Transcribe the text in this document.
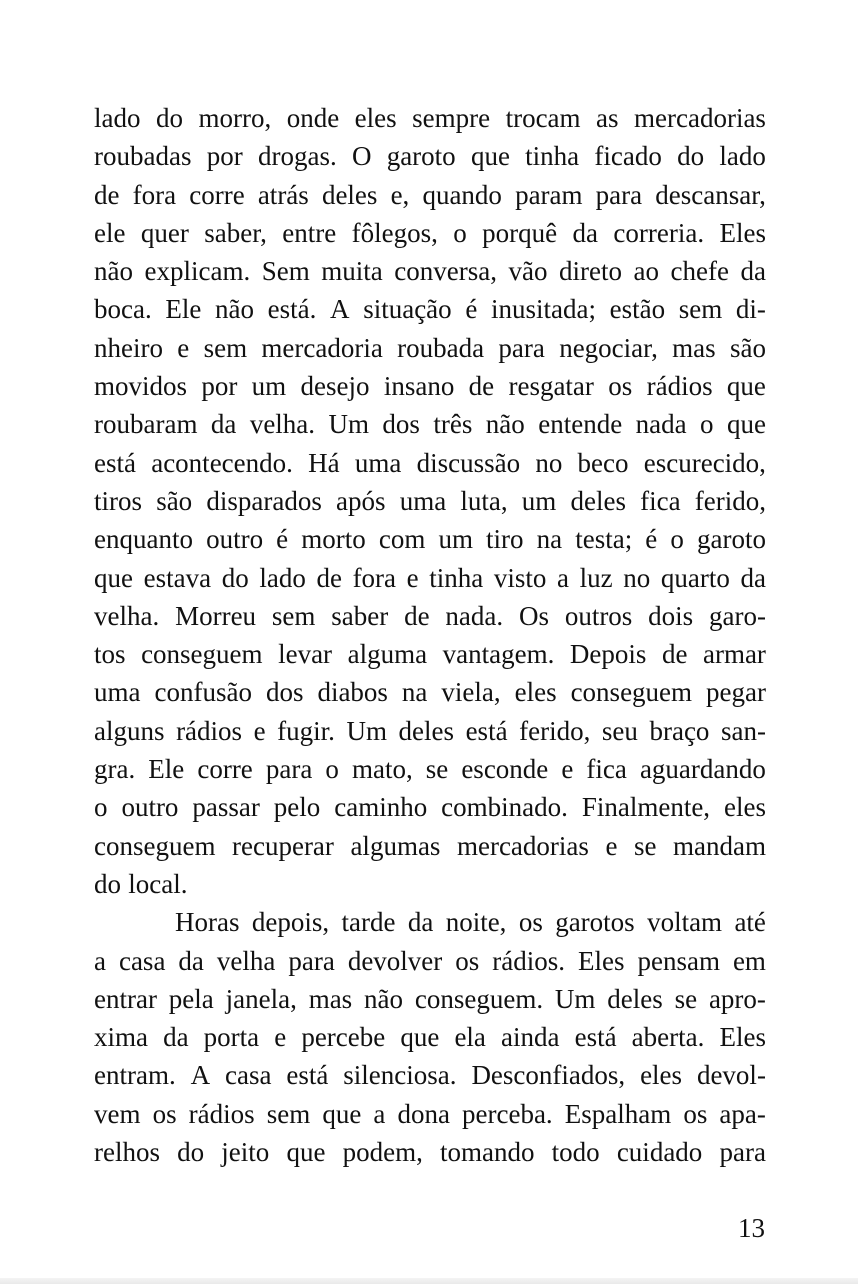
lado do morro, onde eles sempre trocam as mercadorias
roubadas por drogas. O garoto que tinha ficado do lado
de fora corre atrás deles e, quando param para descansar,
ele quer saber, entre fôlegos, o porquê da correria. Eles
não explicam. Sem muita conversa, vão direto ao chefe da
boca. Ele não está. A situação é inusitada; estão sem di-
nheiro e sem mercadoria roubada para negociar, mas são
movidos por um desejo insano de resgatar os rádios que
roubaram da velha. Um dos três não entende nada o que
está acontecendo. Há uma discussão no beco escurecido,
tiros são disparados após uma luta, um deles fica ferido,
enquanto outro é morto com um tiro na testa; é o garoto
que estava do lado de fora e tinha visto a luz no quarto da
velha. Morreu sem saber de nada. Os outros dois garo-
tos conseguem levar alguma vantagem. Depois de armar
uma confusão dos diabos na viela, eles conseguem pegar
alguns rádios e fugir. Um deles está ferido, seu braço san-
gra. Ele corre para o mato, se esconde e fica aguardando
o outro passar pelo caminho combinado. Finalmente, eles
conseguem recuperar algumas mercadorias e se mandam
do local.
Horas depois, tarde da noite, os garotos voltam até
a casa da velha para devolver os rádios. Eles pensam em
entrar pela janela, mas não conseguem. Um deles se apro-
xima da porta e percebe que ela ainda está aberta. Eles
entram. A casa está silenciosa. Desconfiados, eles devol-
vem os rádios sem que a dona perceba. Espalham os apa-
relhos do jeito que podem, tomando todo cuidado para
13
